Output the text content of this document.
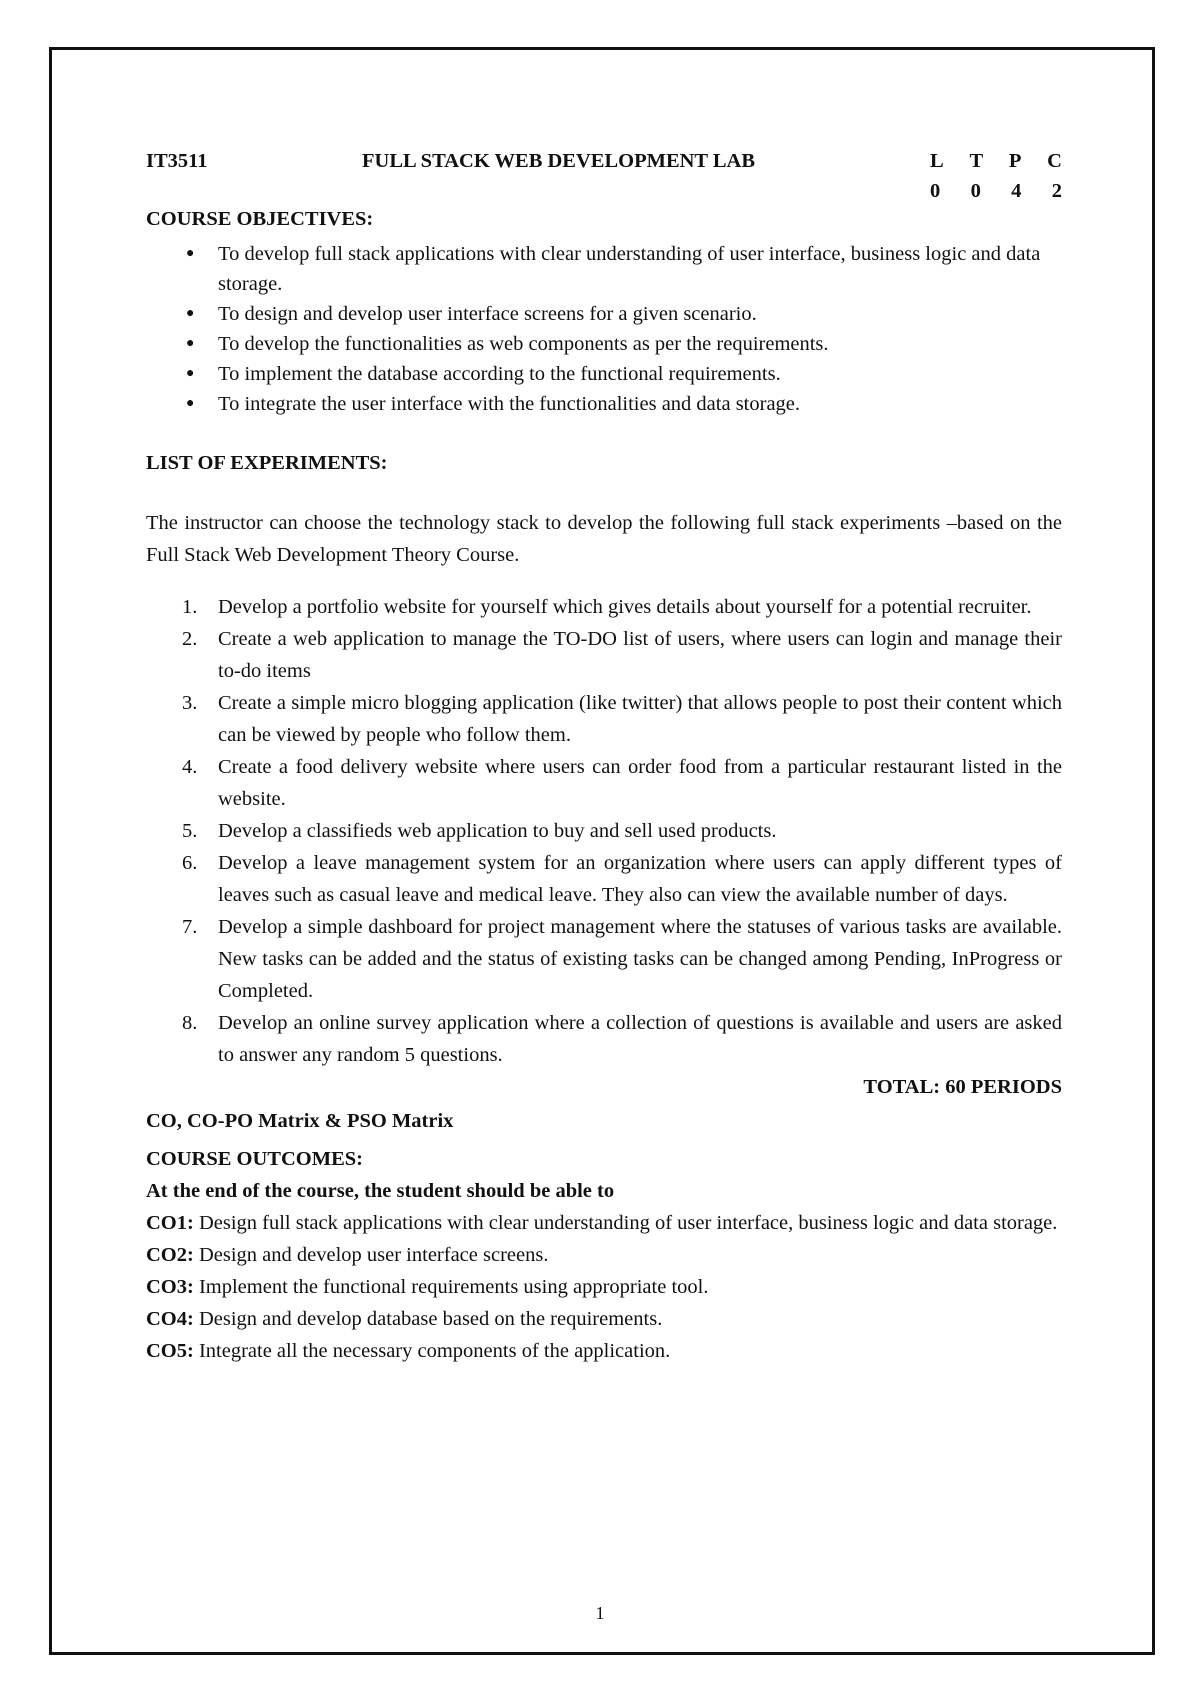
IT3511	FULL STACK WEB DEVELOPMENT LAB	L T P C
0 0 4 2
COURSE OBJECTIVES:
● To develop full stack applications with clear understanding of user interface, business logic and data storage.
● To design and develop user interface screens for a given scenario.
● To develop the functionalities as web components as per the requirements.
● To implement the database according to the functional requirements.
● To integrate the user interface with the functionalities and data storage.
LIST OF EXPERIMENTS:
The instructor can choose the technology stack to develop the following full stack experiments –based on the Full Stack Web Development Theory Course.
1. Develop a portfolio website for yourself which gives details about yourself for a potential recruiter.
2. Create a web application to manage the TO-DO list of users, where users can login and manage their to-do items
3. Create a simple micro blogging application (like twitter) that allows people to post their content which can be viewed by people who follow them.
4. Create a food delivery website where users can order food from a particular restaurant listed in the website.
5. Develop a classifieds web application to buy and sell used products.
6. Develop a leave management system for an organization where users can apply different types of leaves such as casual leave and medical leave. They also can view the available number of days.
7. Develop a simple dashboard for project management where the statuses of various tasks are available. New tasks can be added and the status of existing tasks can be changed among Pending, InProgress or Completed.
8. Develop an online survey application where a collection of questions is available and users are asked to answer any random 5 questions.
TOTAL: 60 PERIODS
CO, CO-PO Matrix & PSO Matrix
COURSE OUTCOMES:
At the end of the course, the student should be able to
CO1: Design full stack applications with clear understanding of user interface, business logic and data storage.
CO2: Design and develop user interface screens.
CO3: Implement the functional requirements using appropriate tool.
CO4: Design and develop database based on the requirements.
CO5: Integrate all the necessary components of the application.
1
